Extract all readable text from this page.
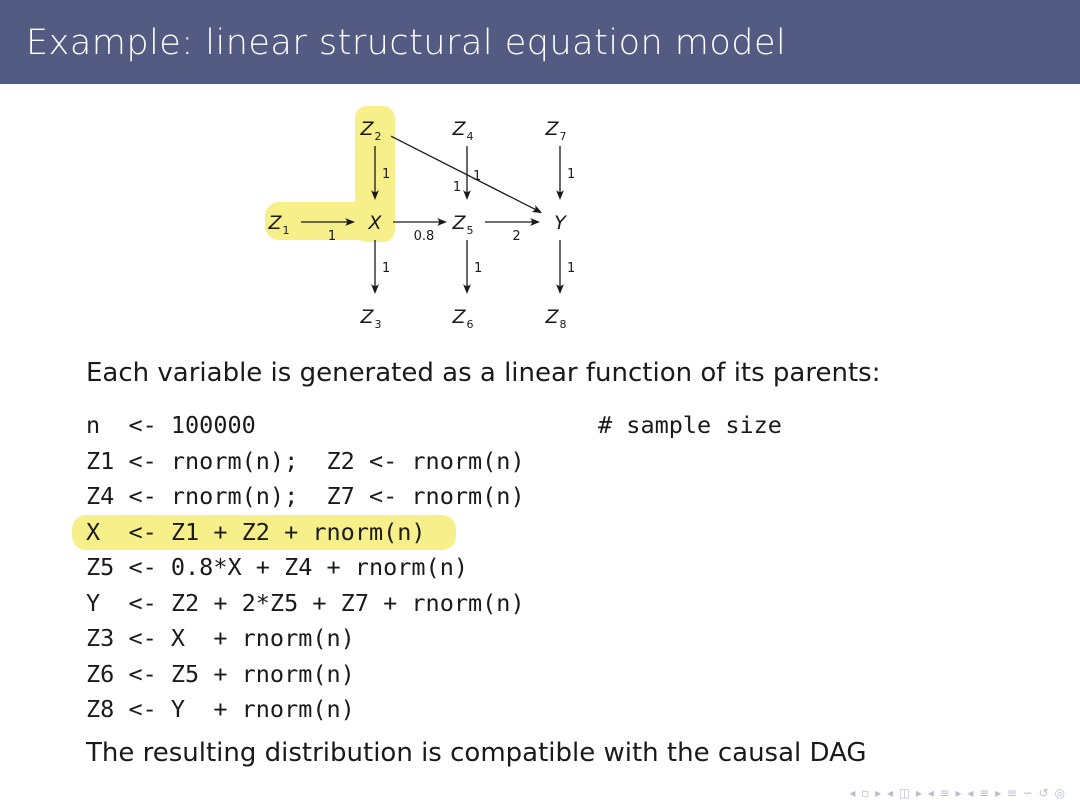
Example: linear structural equation model
1
1
1	1
1	0.8	2
1	1	1
$Z_2$	$Z_4$	$Z_7$
$Z_1$	X	$Z_5$	Y
$Z_3$	$Z_6$	$Z_8$
Each variable is generated as a linear function of its parents:
n  <- 100000	# sample size
Z1 <- rnorm(n);  Z2 <- rnorm(n)
Z4 <- rnorm(n);  Z7 <- rnorm(n)
X  <- Z1 + Z2 + rnorm(n)
Z5 <- 0.8*X + Z4 + rnorm(n)
Y  <- Z2 + 2*Z5 + Z7 + rnorm(n)
Z3 <- X  + rnorm(n)
Z6 <- Z5 + rnorm(n)
Z8 <- Y  + rnorm(n)
The resulting distribution is compatible with the causal DAG
◂ ▫ ▸ ◂ ◫ ▸ ◂ ≡ ▸ ◂ ≡ ▸ ≡ ∽ ↺ ◎
